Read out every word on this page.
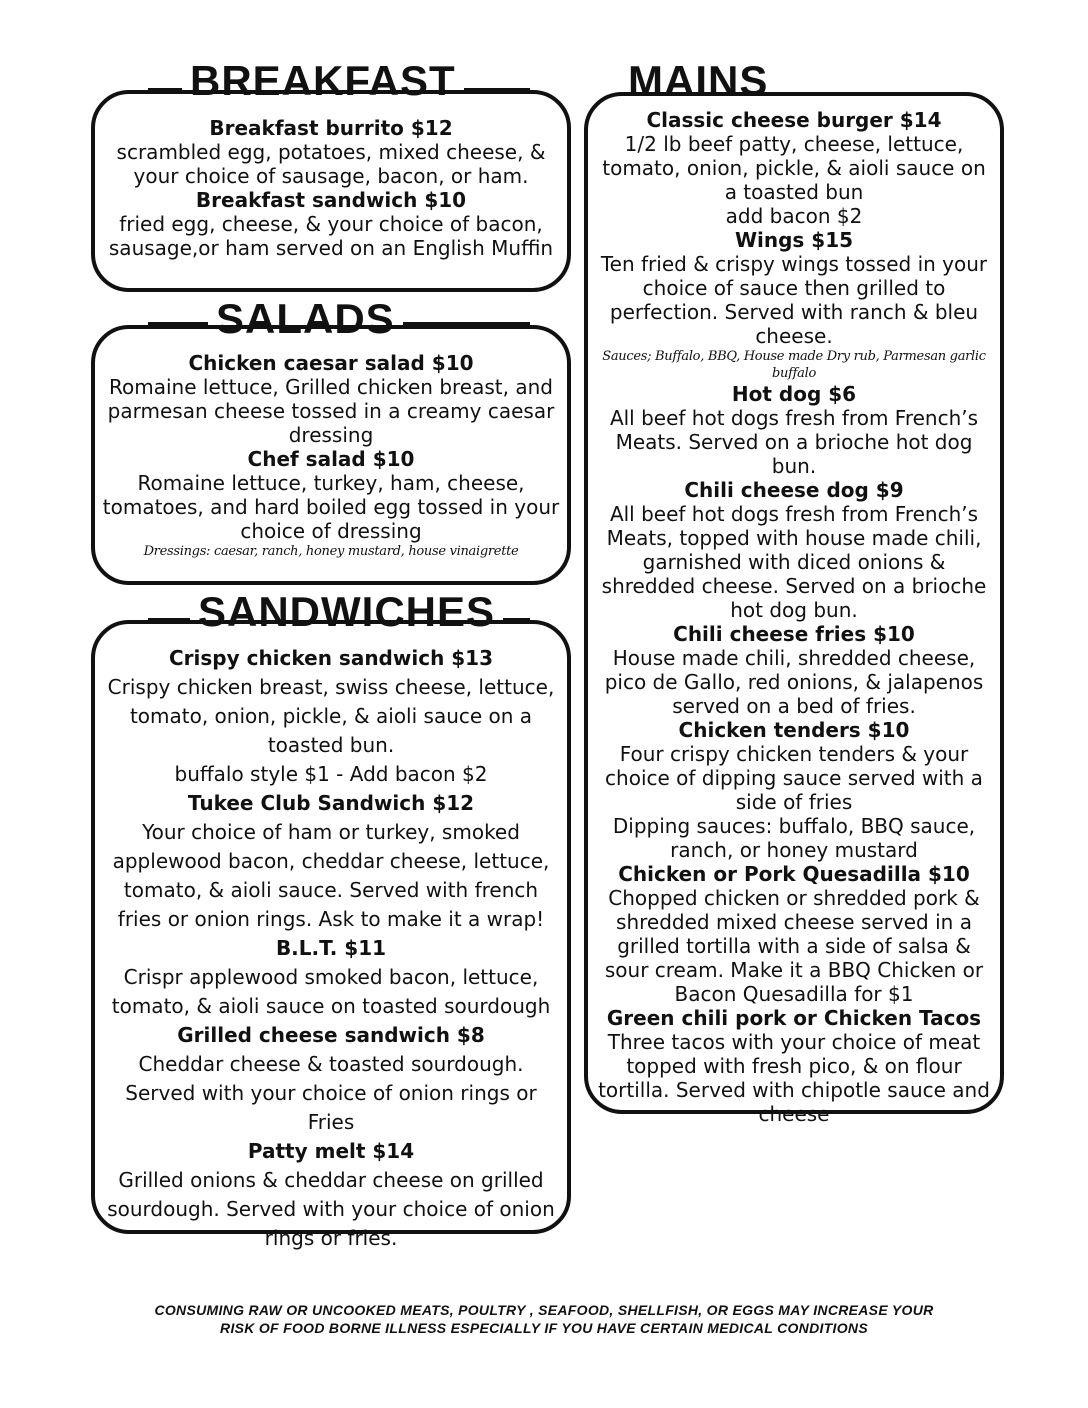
BREAKFAST
Breakfast burrito $12
scrambled egg, potatoes, mixed cheese, & your choice of sausage, bacon, or ham.
Breakfast sandwich $10
fried egg, cheese, & your choice of bacon, sausage,or ham served on an English Muffin
SALADS
Chicken caesar salad $10
Romaine lettuce, Grilled chicken breast, and parmesan cheese tossed in a creamy caesar dressing
Chef salad $10
Romaine lettuce, turkey, ham, cheese, tomatoes, and hard boiled egg tossed in your choice of dressing
Dressings: caesar, ranch, honey mustard, house vinaigrette
SANDWICHES
Crispy chicken sandwich $13
Crispy chicken breast, swiss cheese, lettuce, tomato, onion, pickle, & aioli sauce on a toasted bun.
buffalo style $1 - Add bacon $2
Tukee Club Sandwich $12
Your choice of ham or turkey, smoked applewood bacon, cheddar cheese, lettuce, tomato, & aioli sauce. Served with french fries or onion rings. Ask to make it a wrap!
B.L.T. $11
Crispr applewood smoked bacon, lettuce, tomato, & aioli sauce on toasted sourdough
Grilled cheese sandwich $8
Cheddar cheese & toasted sourdough. Served with your choice of onion rings or Fries
Patty melt $14
Grilled onions & cheddar cheese on grilled sourdough. Served with your choice of onion rings or fries.
MAINS
Classic cheese burger $14
1/2 lb beef patty, cheese, lettuce, tomato, onion, pickle, & aioli sauce on a toasted bun
add bacon $2
Wings $15
Ten fried & crispy wings tossed in your choice of sauce then grilled to perfection. Served with ranch & bleu cheese.
Sauces; Buffalo, BBQ, House made Dry rub, Parmesan garlic buffalo
Hot dog $6
All beef hot dogs fresh from French’s Meats. Served on a brioche hot dog bun.
Chili cheese dog $9
All beef hot dogs fresh from French’s Meats, topped with house made chili, garnished with diced onions & shredded cheese. Served on a brioche hot dog bun.
Chili cheese fries $10
House made chili, shredded cheese, pico de Gallo, red onions, & jalapenos served on a bed of fries.
Chicken tenders $10
Four crispy chicken tenders & your choice of dipping sauce served with a side of fries
Dipping sauces: buffalo, BBQ sauce, ranch, or honey mustard
Chicken or Pork Quesadilla $10
Chopped chicken or shredded pork & shredded mixed cheese served in a grilled tortilla with a side of salsa & sour cream. Make it a BBQ Chicken or Bacon Quesadilla for $1
Green chili pork or Chicken Tacos
Three tacos with your choice of meat topped with fresh pico, & on flour tortilla. Served with chipotle sauce and cheese
CONSUMING RAW OR UNCOOKED MEATS, POULTRY , SEAFOOD, SHELLFISH, OR EGGS MAY INCREASE YOUR
RISK OF FOOD BORNE ILLNESS ESPECIALLY IF YOU HAVE CERTAIN MEDICAL CONDITIONS
